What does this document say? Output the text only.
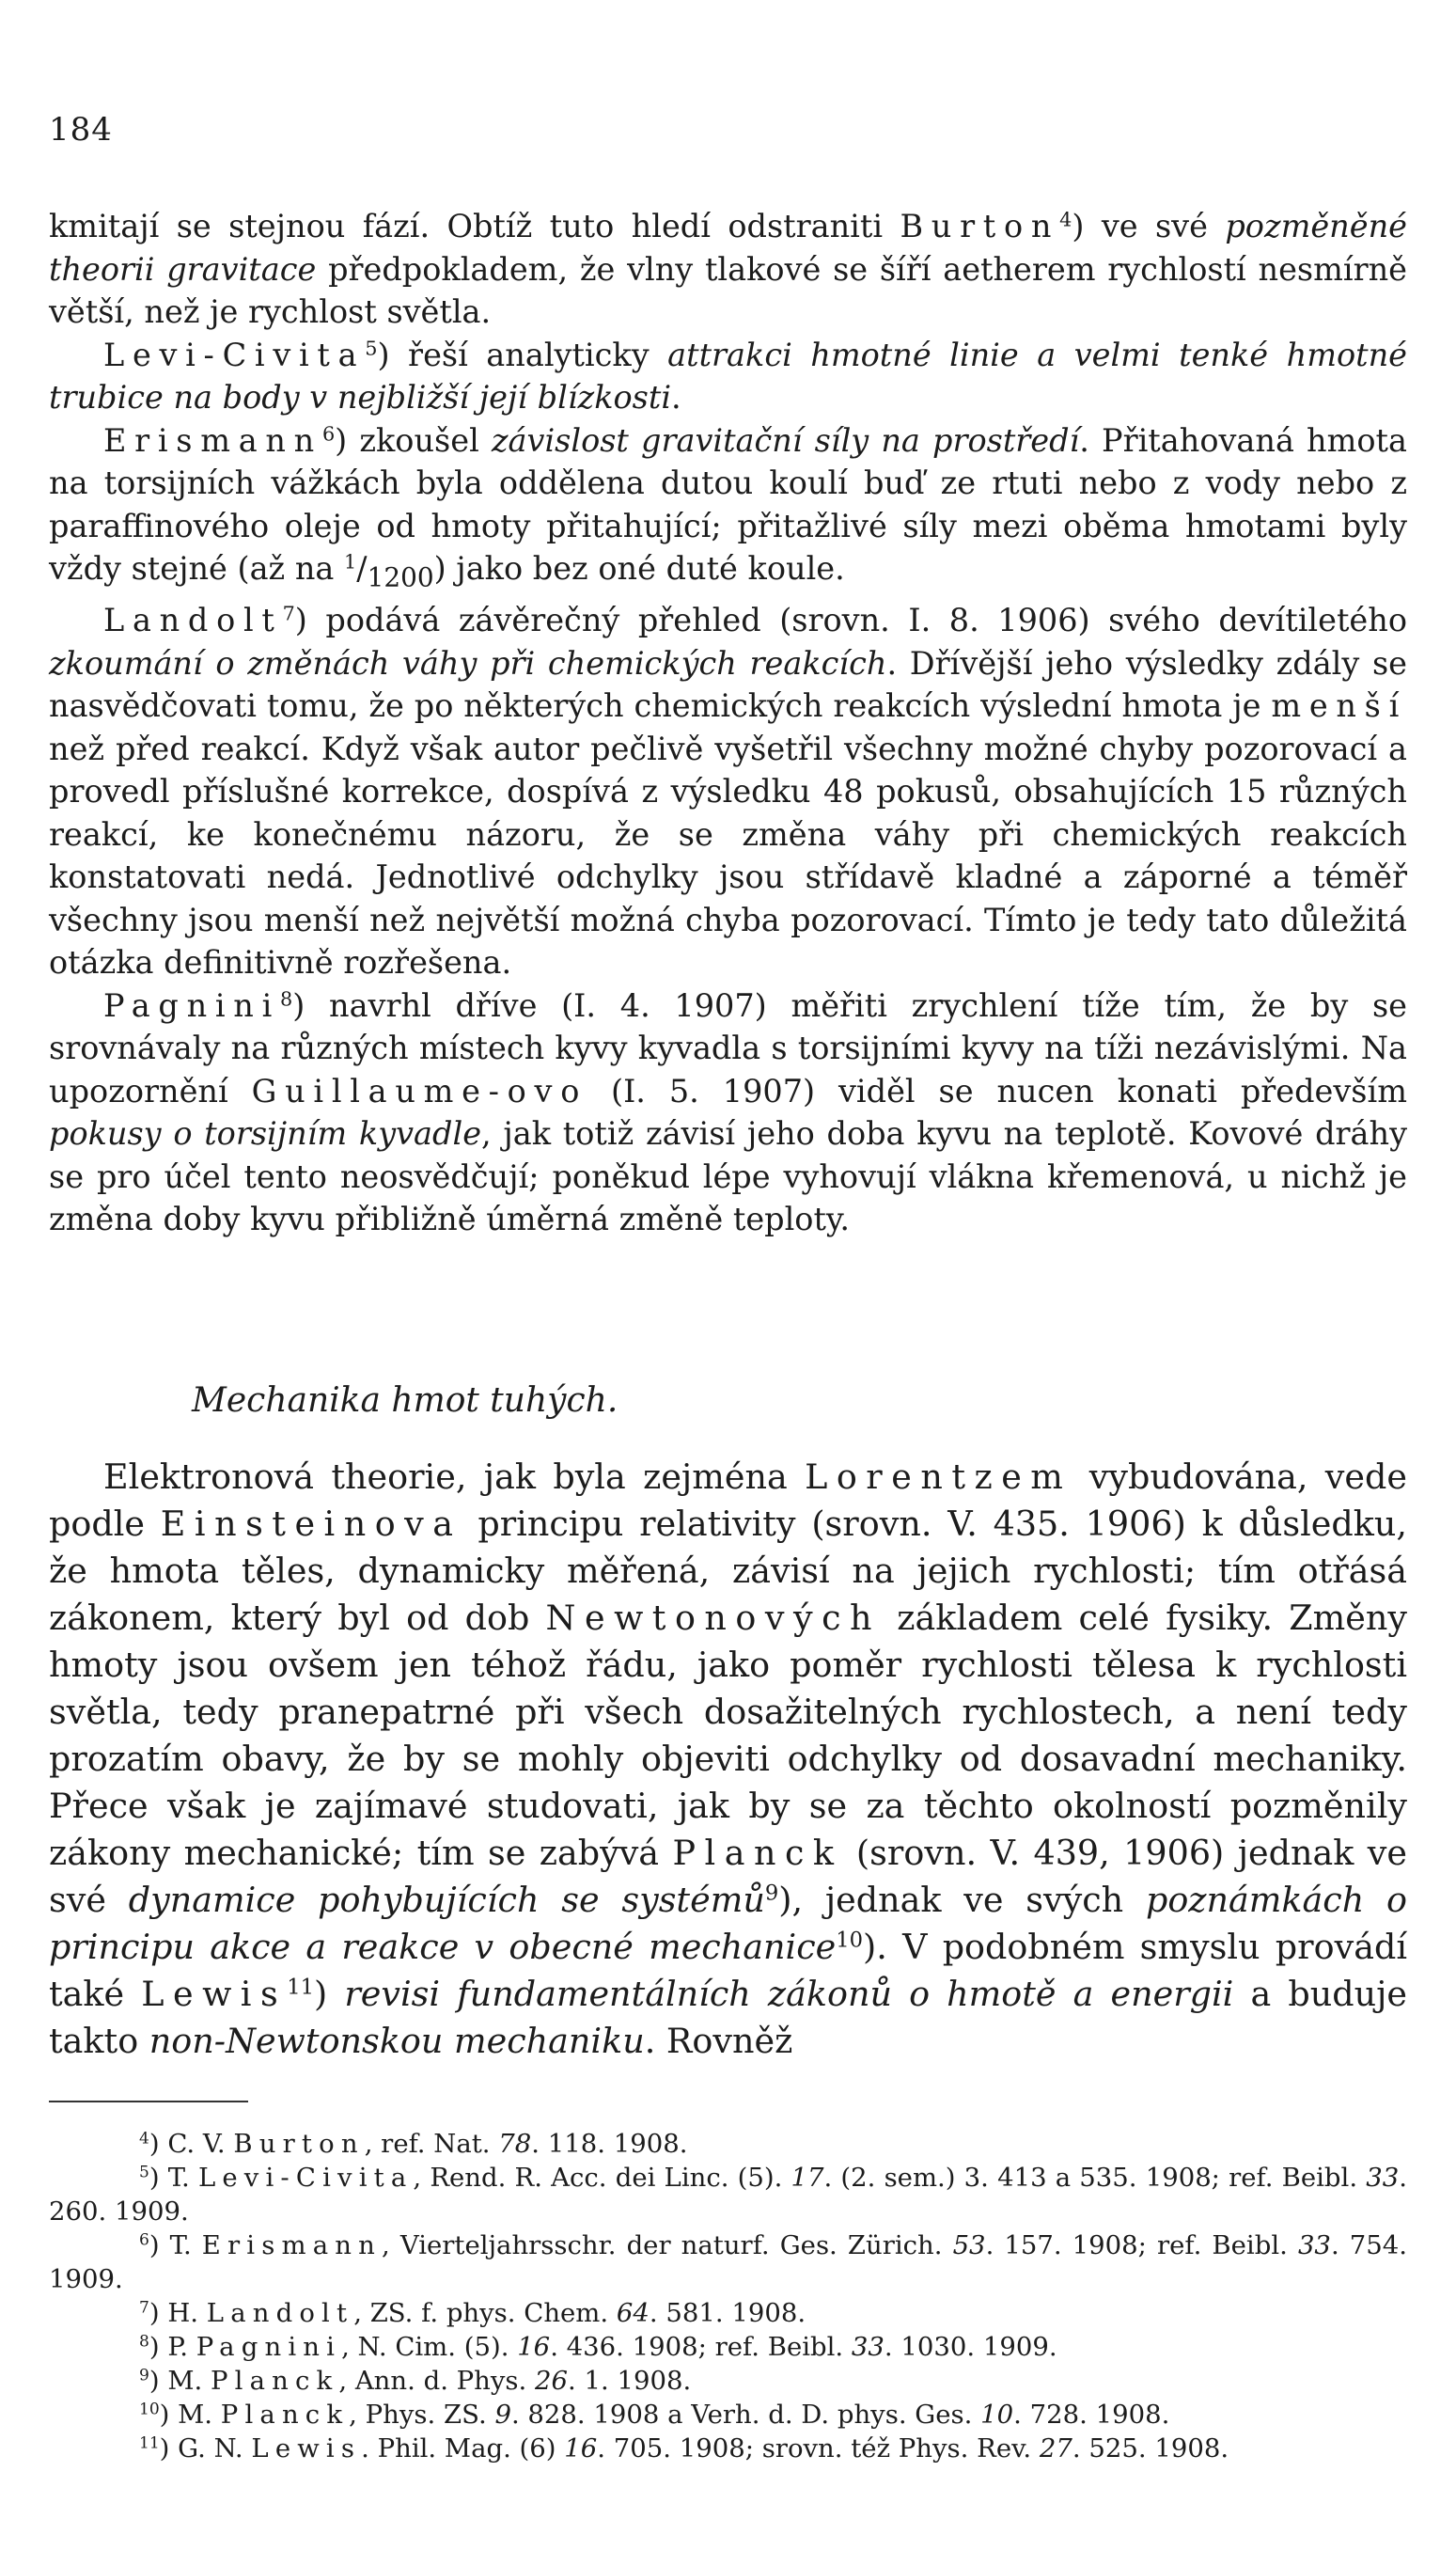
184

kmitají se stejnou fází. Obtíž tuto hledí odstraniti Burton$^4$) ve své pozměněné theorii gravitace předpokladem, že vlny tlakové se šíří aetherem rychlostí nesmírně větší, než je rychlost světla.

Levi-Civita$^5$) řeší analyticky attrakci hmotné linie a velmi tenké hmotné trubice na body v nejbližší její blízkosti.

Erismann$^6$) zkoušel závislost gravitační síly na prostředí. Přitahovaná hmota na torsijních vážkách byla oddělena dutou koulí buď ze rtuti nebo z vody nebo z paraffinového oleje od hmoty přitahující; přitažlivé síly mezi oběma hmotami byly vždy stejné (až na $^1/_{1200}$) jako bez oné duté koule.

Landolt$^7$) podává závěrečný přehled (srovn. I. 8. 1906) svého devítiletého zkoumání o změnách váhy při chemických reakcích. Dřívější jeho výsledky zdály se nasvědčovati tomu, že po některých chemických reakcích výslední hmota je menší než před reakcí. Když však autor pečlivě vyšetřil všechny možné chyby pozorovací a provedl příslušné korrekce, dospívá z výsledku 48 pokusů, obsahujících 15 různých reakcí, ke konečnému názoru, že se změna váhy při chemických reakcích konstatovati nedá. Jednotlivé odchylky jsou střídavě kladné a záporné a téměř všechny jsou menší než největší možná chyba pozorovací. Tímto je tedy tato důležitá otázka definitivně rozřešena.

Pagnini$^8$) navrhl dříve (I. 4. 1907) měřiti zrychlení tíže tím, že by se srovnávaly na různých místech kyvy kyvadla s torsijními kyvy na tíži nezávislými. Na upozornění Guillaume-ovo (I. 5. 1907) viděl se nucen konati především pokusy o torsijním kyvadle, jak totiž závisí jeho doba kyvu na teplotě. Kovové dráhy se pro účel tento neosvědčují; poněkud lépe vyhovují vlákna křemenová, u nichž je změna doby kyvu přibližně úměrná změně teploty.

Mechanika hmot tuhých.

Elektronová theorie, jak byla zejména Lorentzem vybudována, vede podle Einsteinova principu relativity (srovn. V. 435. 1906) k důsledku, že hmota těles, dynamicky měřená, závisí na jejich rychlosti; tím otřásá zákonem, který byl od dob Newtonových základem celé fysiky. Změny hmoty jsou ovšem jen téhož řádu, jako poměr rychlosti tělesa k rychlosti světla, tedy pranepatrné při všech dosažitelných rychlostech, a není tedy prozatím obavy, že by se mohly objeviti odchylky od dosavadní mechaniky. Přece však je zajímavé studovati, jak by se za těchto okolností pozměnily zákony mechanické; tím se zabývá Planck (srovn. V. 439, 1906) jednak ve své dynamice pohybujících se systémů$^9$), jednak ve svých poznámkách o principu akce a reakce v obecné mechanice$^{10}$). V podobném smyslu provádí také Lewis$^{11}$) revisi fundamentálních zákonů o hmotě a energii a buduje takto non-Newtonskou mechaniku. Rovněž

$^4$) C. V. Burton, ref. Nat. 78. 118. 1908.

$^5$) T. Levi-Civita, Rend. R. Acc. dei Linc. (5). 17. (2. sem.) 3. 413 a 535. 1908; ref. Beibl. 33. 260. 1909.

$^6$) T. Erismann, Vierteljahrsschr. der naturf. Ges. Zürich. 53. 157. 1908; ref. Beibl. 33. 754. 1909.

$^7$) H. Landolt, ZS. f. phys. Chem. 64. 581. 1908.

$^8$) P. Pagnini, N. Cim. (5). 16. 436. 1908; ref. Beibl. 33. 1030. 1909.

$^9$) M. Planck, Ann. d. Phys. 26. 1. 1908.

$^{10}$) M. Planck, Phys. ZS. 9. 828. 1908 a Verh. d. D. phys. Ges. 10. 728. 1908.

$^{11}$) G. N. Lewis. Phil. Mag. (6) 16. 705. 1908; srovn. též Phys. Rev. 27. 525. 1908.
